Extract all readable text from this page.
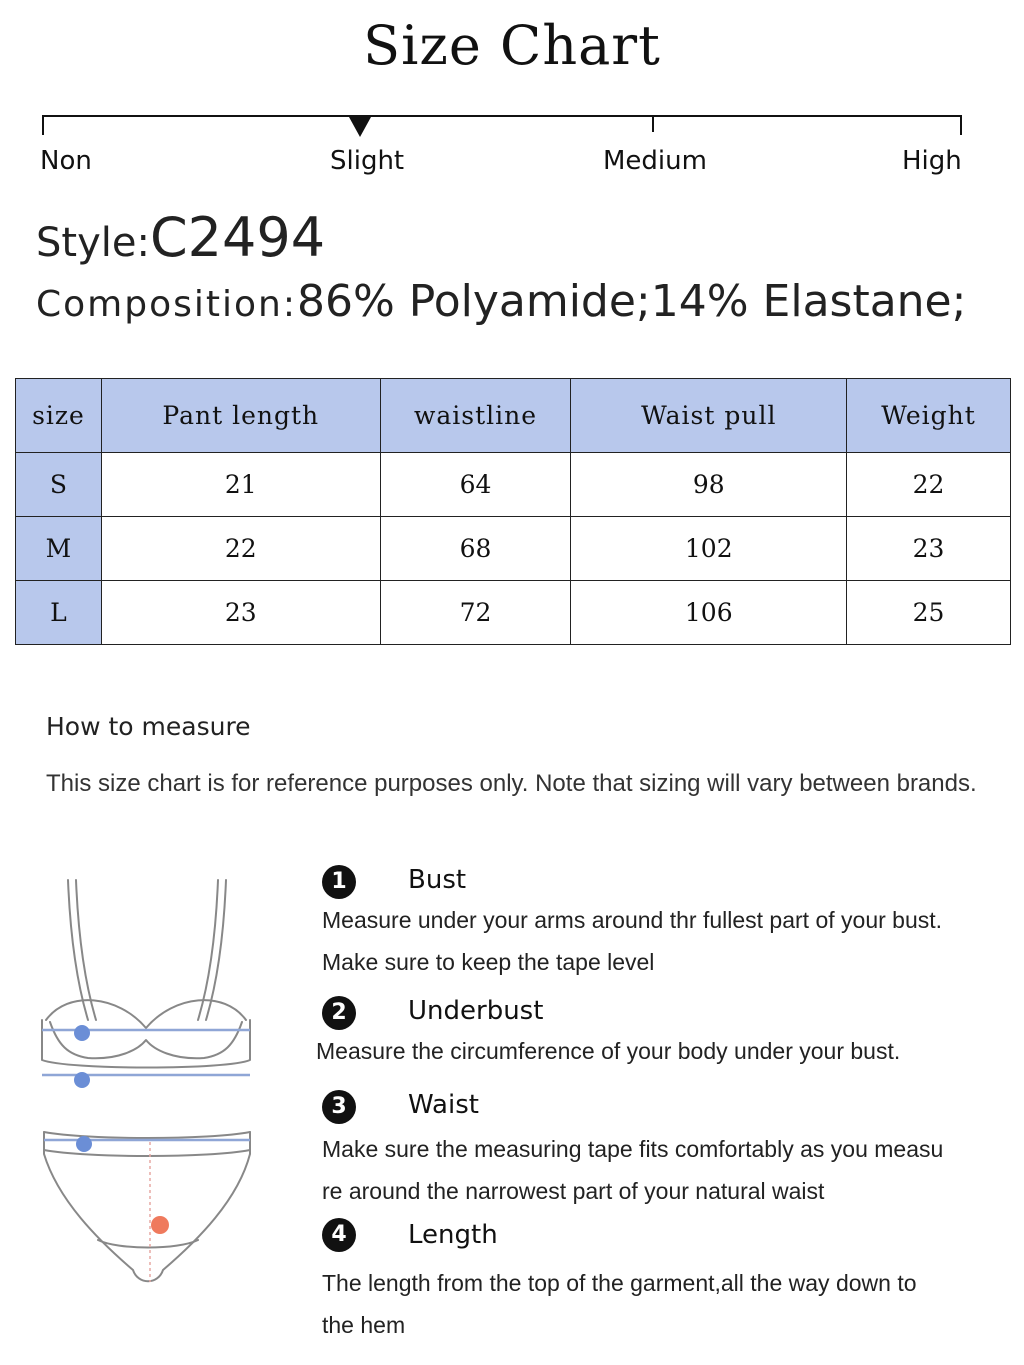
Size Chart
Non	Slight	Medium	High
Style:C2494
Composition:86% Polyamide;14% Elastane;
size	Pant length	waistline	Waist pull	Weight
S	21	64	98	22
M	22	68	102	23
L	23	72	106	25
How to measure
This size chart is for reference purposes only. Note that sizing will vary between brands.
1	Bust
Measure under your arms around thr fullest part of your bust.
Make sure to keep the tape level
2	Underbust
Measure the circumference of your body under your bust.
3	Waist
Make sure the measuring tape fits comfortably as you measu
re around the narrowest part of your natural waist
4	Length
The length from the top of the garment,all the way down to
the hem
